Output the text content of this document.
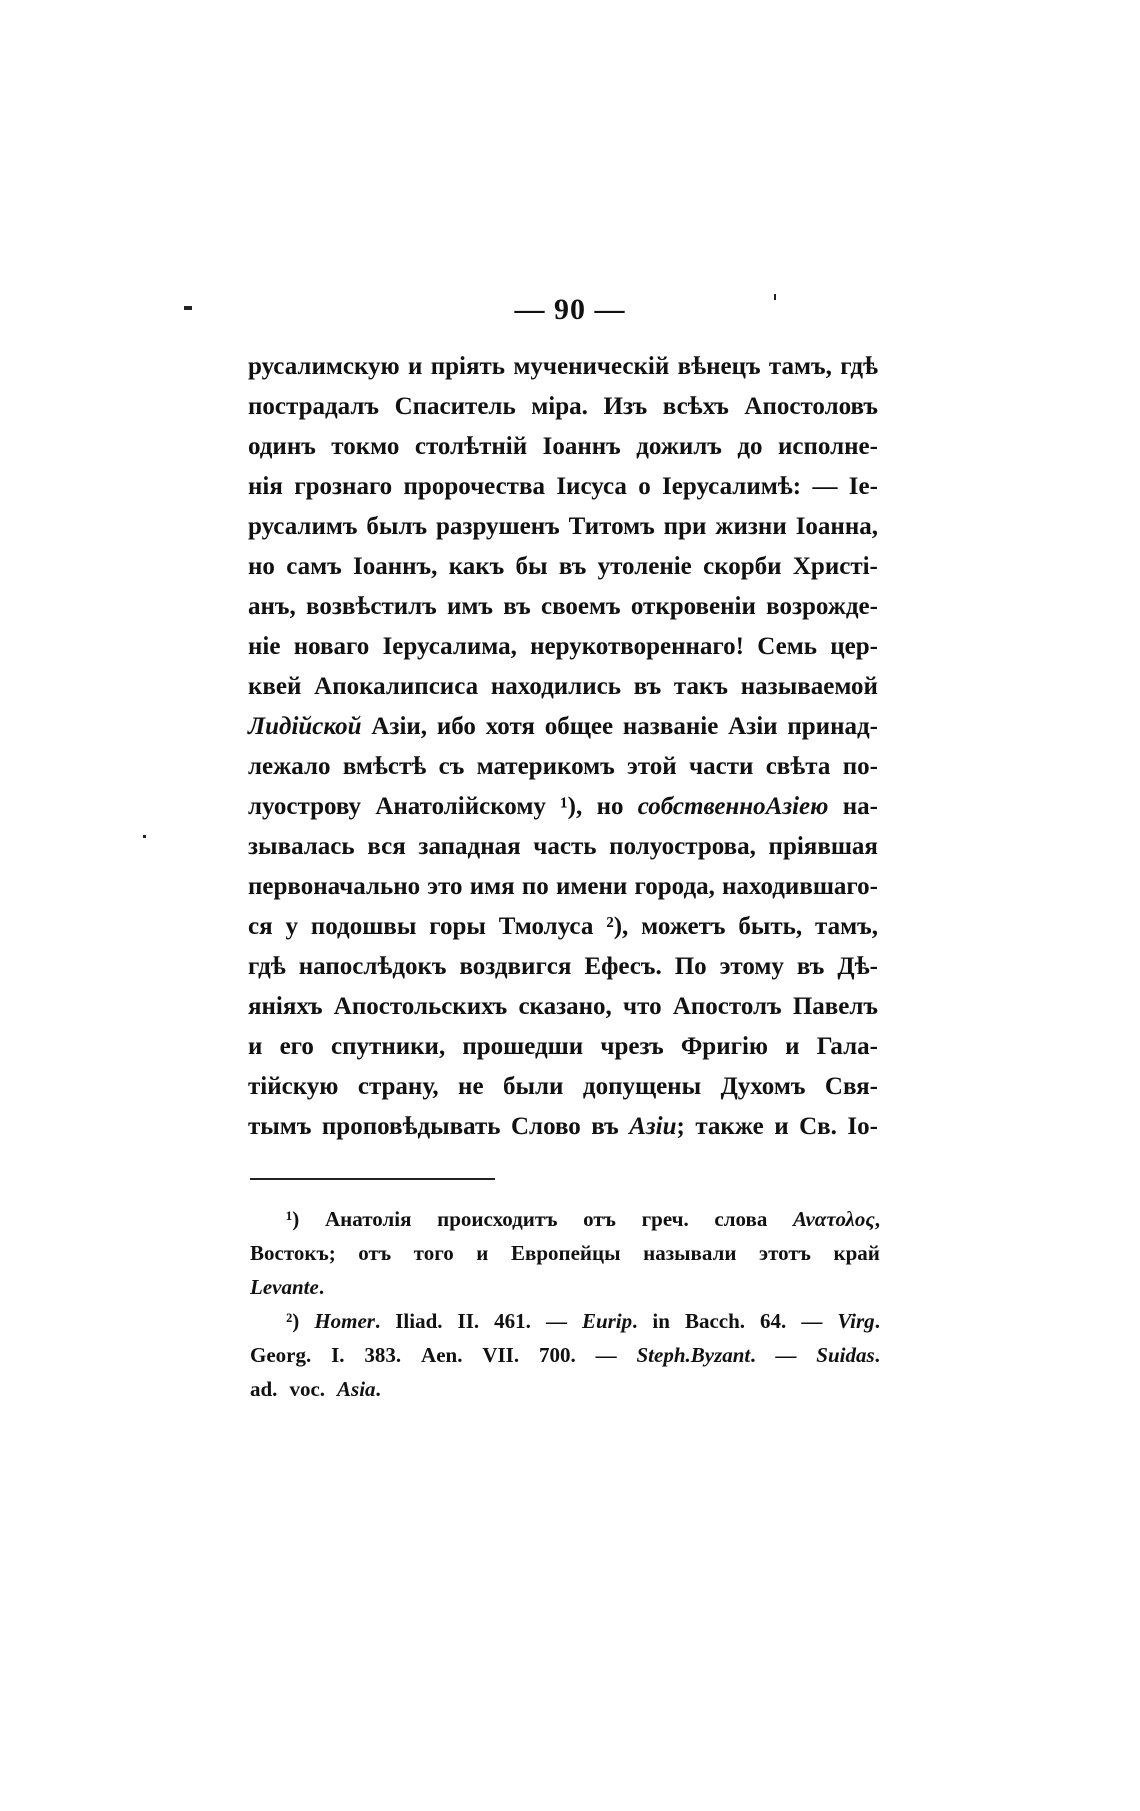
— 90 —
русалимскую и пріять мученическій вѣнецъ тамъ, гдѣ
пострадалъ Спаситель міра. Изъ всѣхъ Апостоловъ
одинъ токмо столѣтній Іоаннъ дожилъ до исполне-
нія грознаго пророчества Іисуса о Іерусалимѣ: — Іе-
русалимъ былъ разрушенъ Титомъ при жизни Іоанна,
но самъ Іоаннъ, какъ бы въ утоленіе скорби Христі-
анъ, возвѣстилъ имъ въ своемъ откровеніи возрожде-
ніе новаго Іерусалима, нерукотвореннаго! Семь цер-
квей Апокалипсиса находились въ такъ называемой
Лидійской Азіи, ибо хотя общее названіе Азіи принад-
лежало вмѣстѣ съ материкомъ этой части свѣта по-
луострову Анатолійскому ¹), но собственноАзіею на-
зывалась вся западная часть полуострова, пріявшая
первоначально это имя по имени города, находившаго-
ся у подошвы горы Тмолуса ²), можетъ быть, тамъ,
гдѣ напослѣдокъ воздвигся Ефесъ. По этому въ Дѣ-
яніяхъ Апостольскихъ сказано, что Апостолъ Павелъ
и его спутники, прошедши чрезъ Фригію и Гала-
тійскую страну, не были допущены Духомъ Свя-
тымъ проповѣдывать Слово въ Азіи; также и Св. Іо-
¹) Анатолія происходитъ отъ греч. слова Ανατολος,
Востокъ; отъ того и Европейцы называли этотъ край
Levante.
²) Homer. Iliad. II. 461. — Eurip. in Bacch. 64. — Virg.
Georg. I. 383. Aen. VII. 700. — Steph.Byzant. — Suidas.
ad. voc. Asia.
